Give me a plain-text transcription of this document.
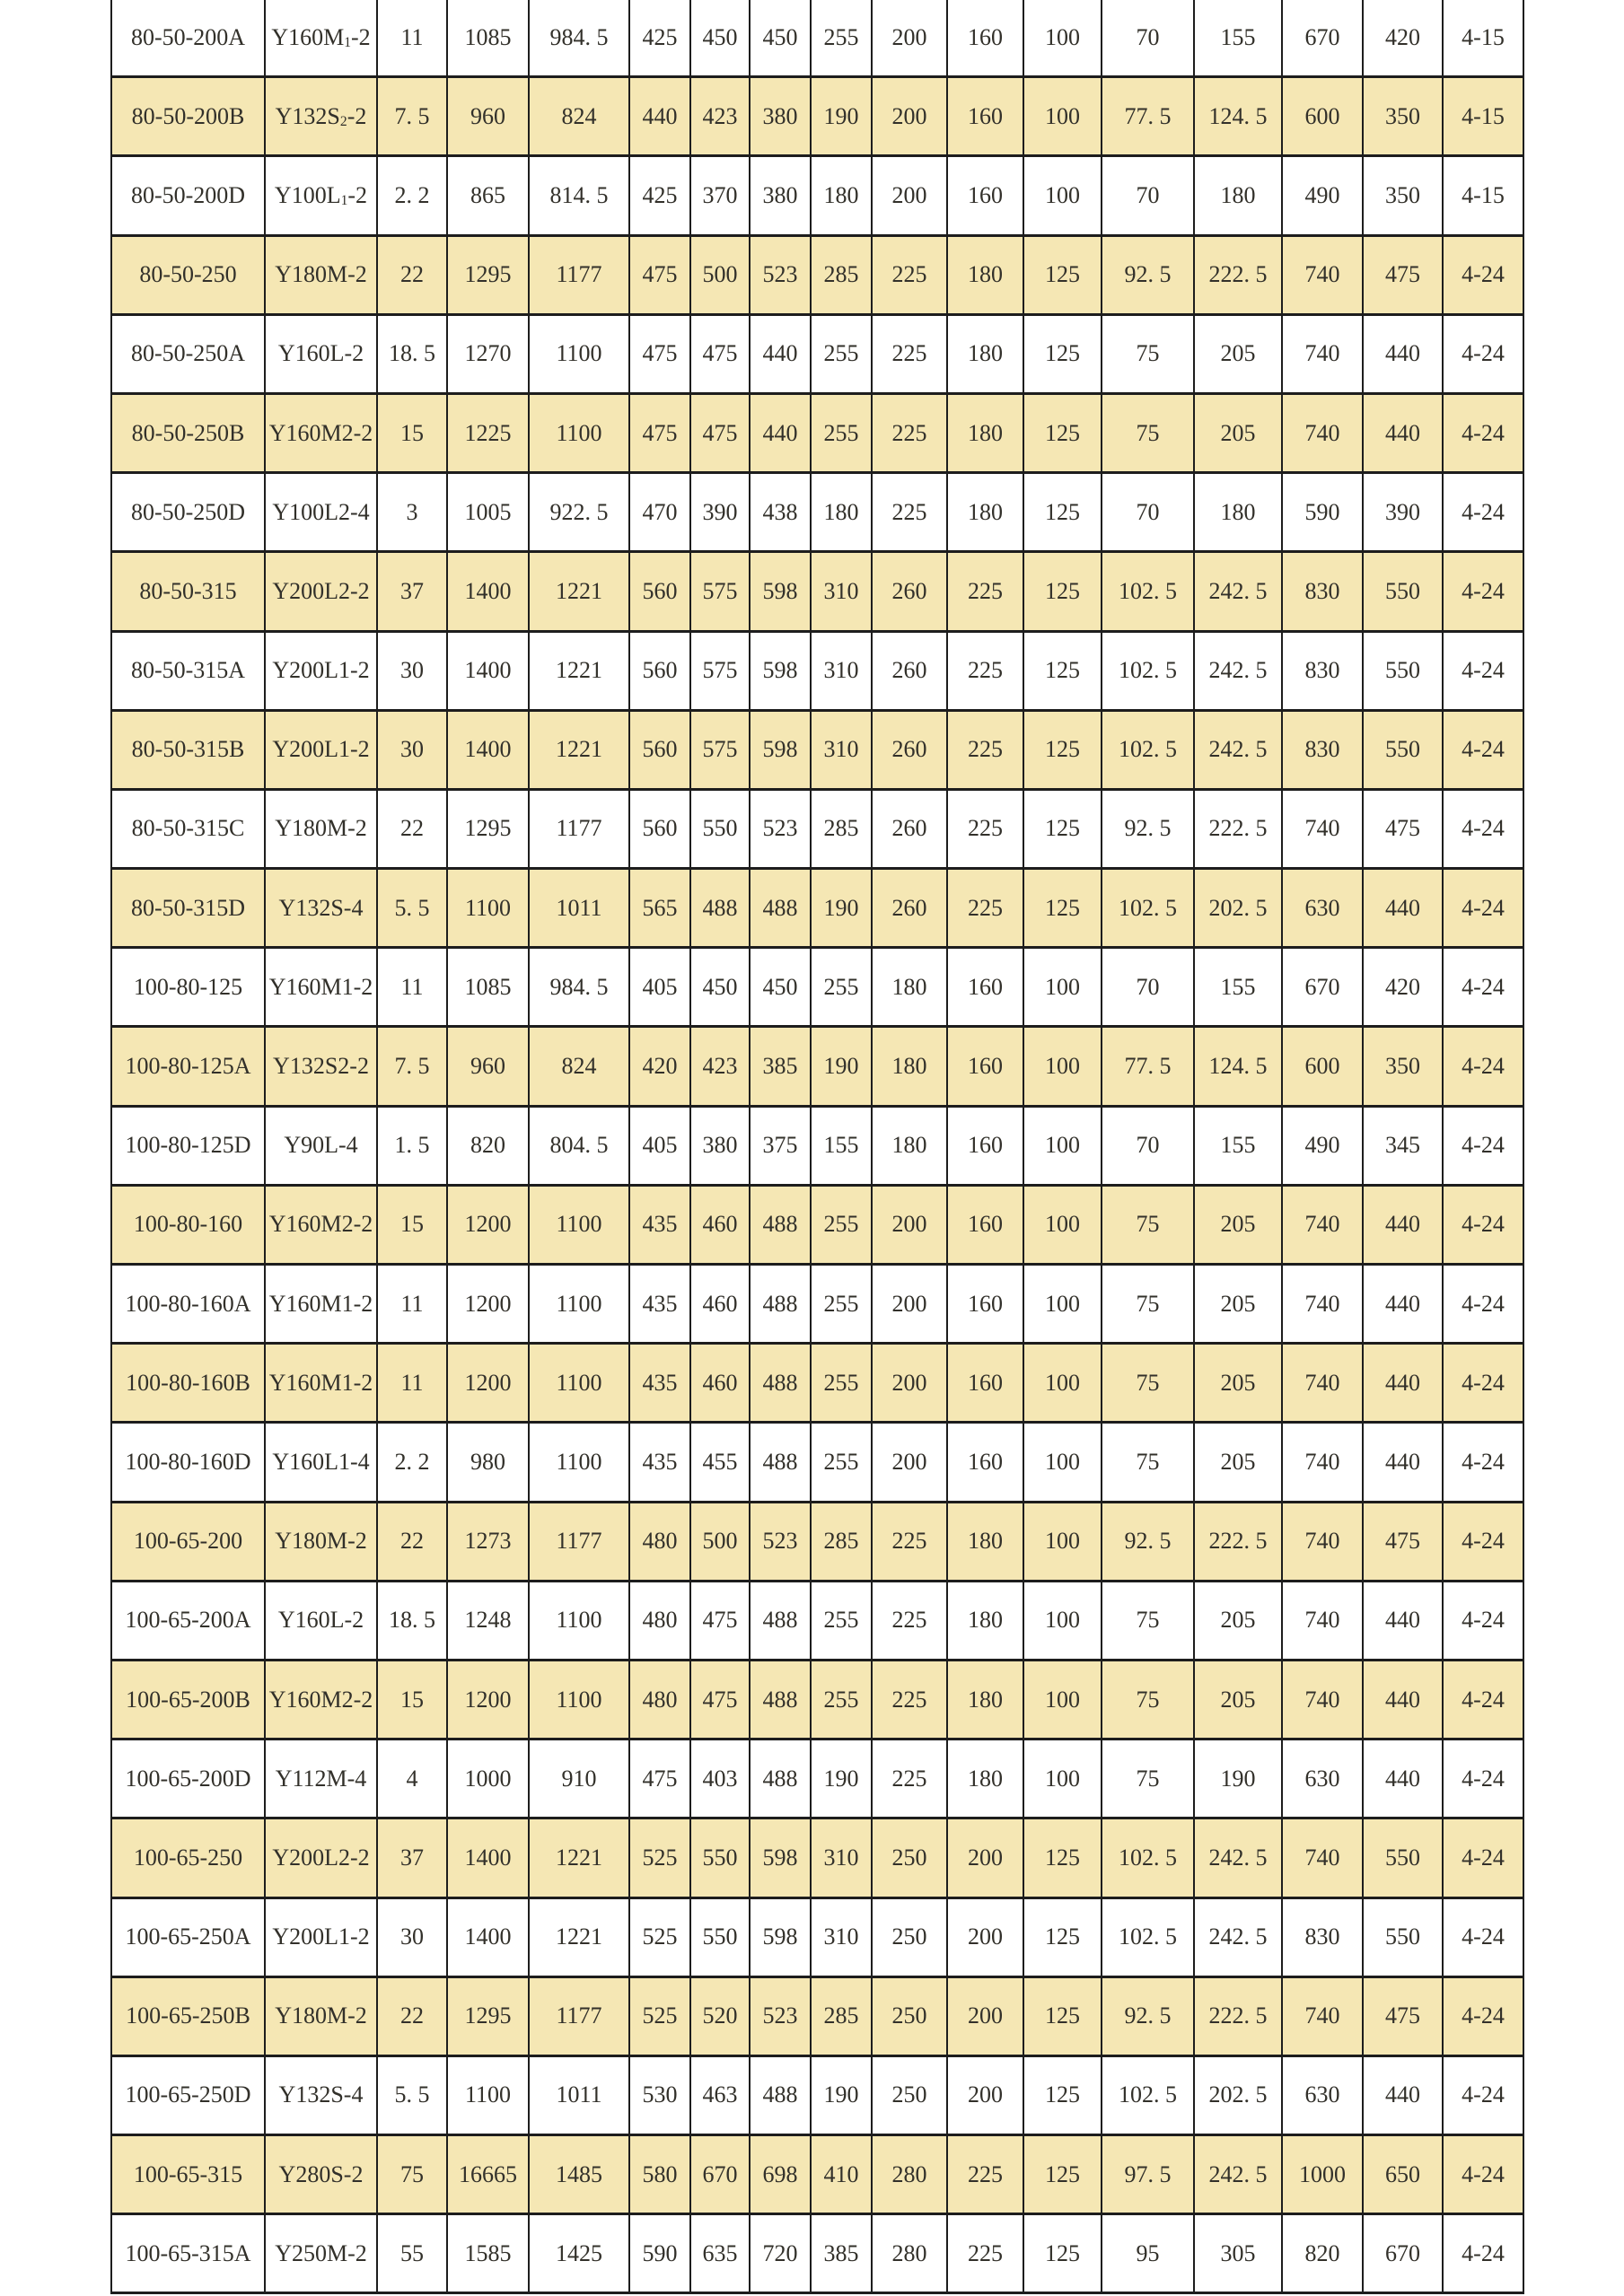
80-50-200A	$Y160M_1-2$	11	1085	984. 5	425	450	450	255	200	160	100	70	155	670	420	4-15
80-50-200B	$Y132S_2-2$	7. 5	960	824	440	423	380	190	200	160	100	77. 5	124. 5	600	350	4-15
80-50-200D	$Y100L_1-2$	2. 2	865	814. 5	425	370	380	180	200	160	100	70	180	490	350	4-15
80-50-250	Y180M-2	22	1295	1177	475	500	523	285	225	180	125	92. 5	222. 5	740	475	4-24
80-50-250A	Y160L-2	18. 5	1270	1100	475	475	440	255	225	180	125	75	205	740	440	4-24
80-50-250B	Y160M2-2	15	1225	1100	475	475	440	255	225	180	125	75	205	740	440	4-24
80-50-250D	Y100L2-4	3	1005	922. 5	470	390	438	180	225	180	125	70	180	590	390	4-24
80-50-315	Y200L2-2	37	1400	1221	560	575	598	310	260	225	125	102. 5	242. 5	830	550	4-24
80-50-315A	Y200L1-2	30	1400	1221	560	575	598	310	260	225	125	102. 5	242. 5	830	550	4-24
80-50-315B	Y200L1-2	30	1400	1221	560	575	598	310	260	225	125	102. 5	242. 5	830	550	4-24
80-50-315C	Y180M-2	22	1295	1177	560	550	523	285	260	225	125	92. 5	222. 5	740	475	4-24
80-50-315D	Y132S-4	5. 5	1100	1011	565	488	488	190	260	225	125	102. 5	202. 5	630	440	4-24
100-80-125	Y160M1-2	11	1085	984. 5	405	450	450	255	180	160	100	70	155	670	420	4-24
100-80-125A	Y132S2-2	7. 5	960	824	420	423	385	190	180	160	100	77. 5	124. 5	600	350	4-24
100-80-125D	Y90L-4	1. 5	820	804. 5	405	380	375	155	180	160	100	70	155	490	345	4-24
100-80-160	Y160M2-2	15	1200	1100	435	460	488	255	200	160	100	75	205	740	440	4-24
100-80-160A	Y160M1-2	11	1200	1100	435	460	488	255	200	160	100	75	205	740	440	4-24
100-80-160B	Y160M1-2	11	1200	1100	435	460	488	255	200	160	100	75	205	740	440	4-24
100-80-160D	Y160L1-4	2. 2	980	1100	435	455	488	255	200	160	100	75	205	740	440	4-24
100-65-200	Y180M-2	22	1273	1177	480	500	523	285	225	180	100	92. 5	222. 5	740	475	4-24
100-65-200A	Y160L-2	18. 5	1248	1100	480	475	488	255	225	180	100	75	205	740	440	4-24
100-65-200B	Y160M2-2	15	1200	1100	480	475	488	255	225	180	100	75	205	740	440	4-24
100-65-200D	Y112M-4	4	1000	910	475	403	488	190	225	180	100	75	190	630	440	4-24
100-65-250	Y200L2-2	37	1400	1221	525	550	598	310	250	200	125	102. 5	242. 5	740	550	4-24
100-65-250A	Y200L1-2	30	1400	1221	525	550	598	310	250	200	125	102. 5	242. 5	830	550	4-24
100-65-250B	Y180M-2	22	1295	1177	525	520	523	285	250	200	125	92. 5	222. 5	740	475	4-24
100-65-250D	Y132S-4	5. 5	1100	1011	530	463	488	190	250	200	125	102. 5	202. 5	630	440	4-24
100-65-315	Y280S-2	75	16665	1485	580	670	698	410	280	225	125	97. 5	242. 5	1000	650	4-24
100-65-315A	Y250M-2	55	1585	1425	590	635	720	385	280	225	125	95	305	820	670	4-24
